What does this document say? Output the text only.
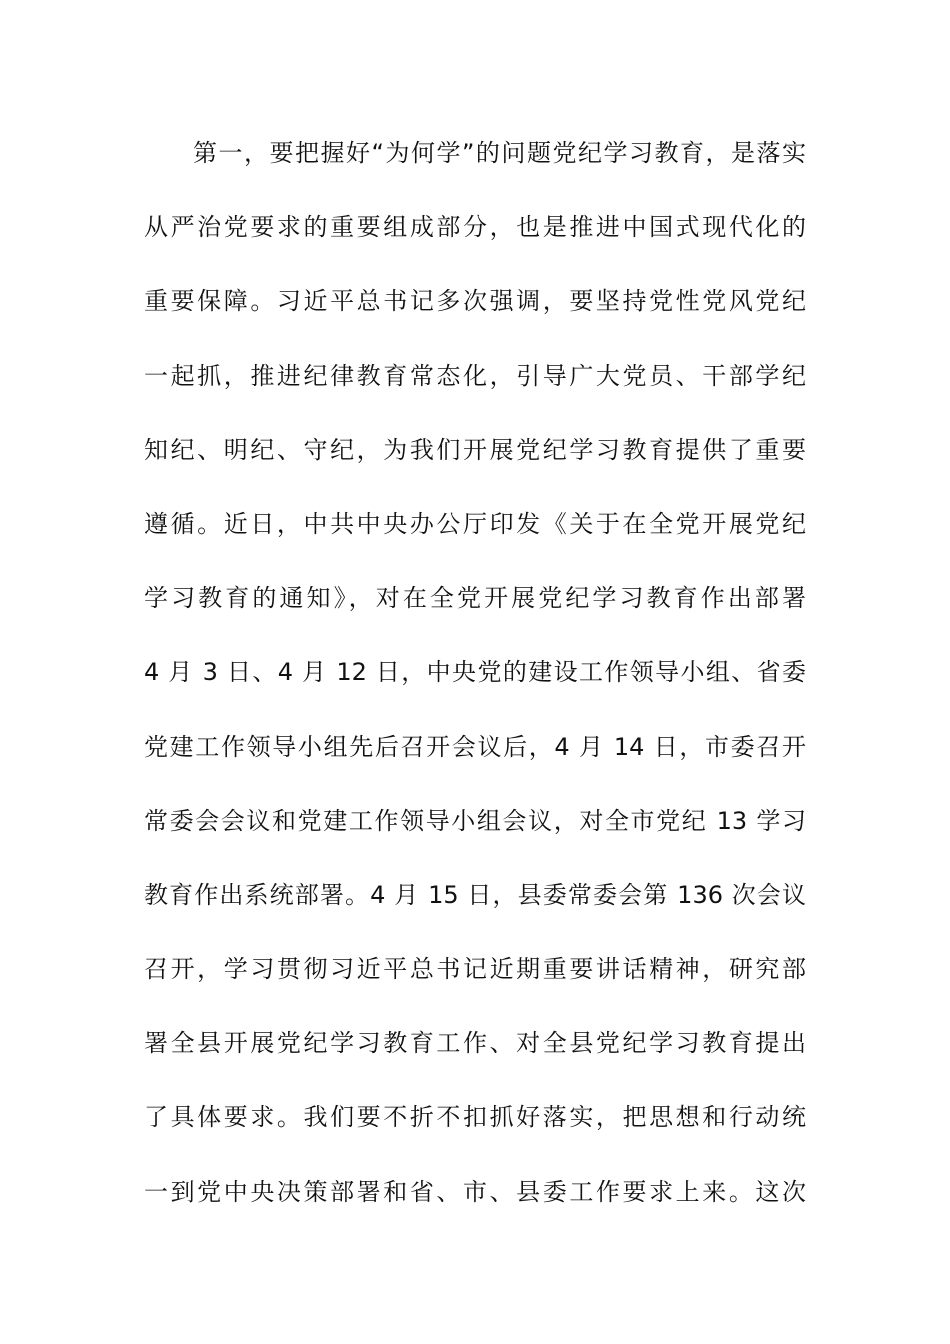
第一，要把握好“为何学”的问题党纪学习教育，是落实
从严治党要求的重要组成部分，也是推进中国式现代化的
重要保障。习近平总书记多次强调，要坚持党性党风党纪
一起抓，推进纪律教育常态化，引导广大党员、干部学纪
知纪、明纪、守纪，为我们开展党纪学习教育提供了重要
遵循。近日，中共中央办公厅印发《关于在全党开展党纪
学习教育的通知》，对在全党开展党纪学习教育作出部署
4 月 3 日、4 月 12 日，中央党的建设工作领导小组、省委
党建工作领导小组先后召开会议后，4 月 14 日，市委召开
常委会会议和党建工作领导小组会议，对全市党纪 13 学习
教育作出系统部署。4 月 15 日，县委常委会第 136 次会议
召开，学习贯彻习近平总书记近期重要讲话精神，研究部
署全县开展党纪学习教育工作、对全县党纪学习教育提出
了具体要求。我们要不折不扣抓好落实，把思想和行动统
一到党中央决策部署和省、市、县委工作要求上来。这次
